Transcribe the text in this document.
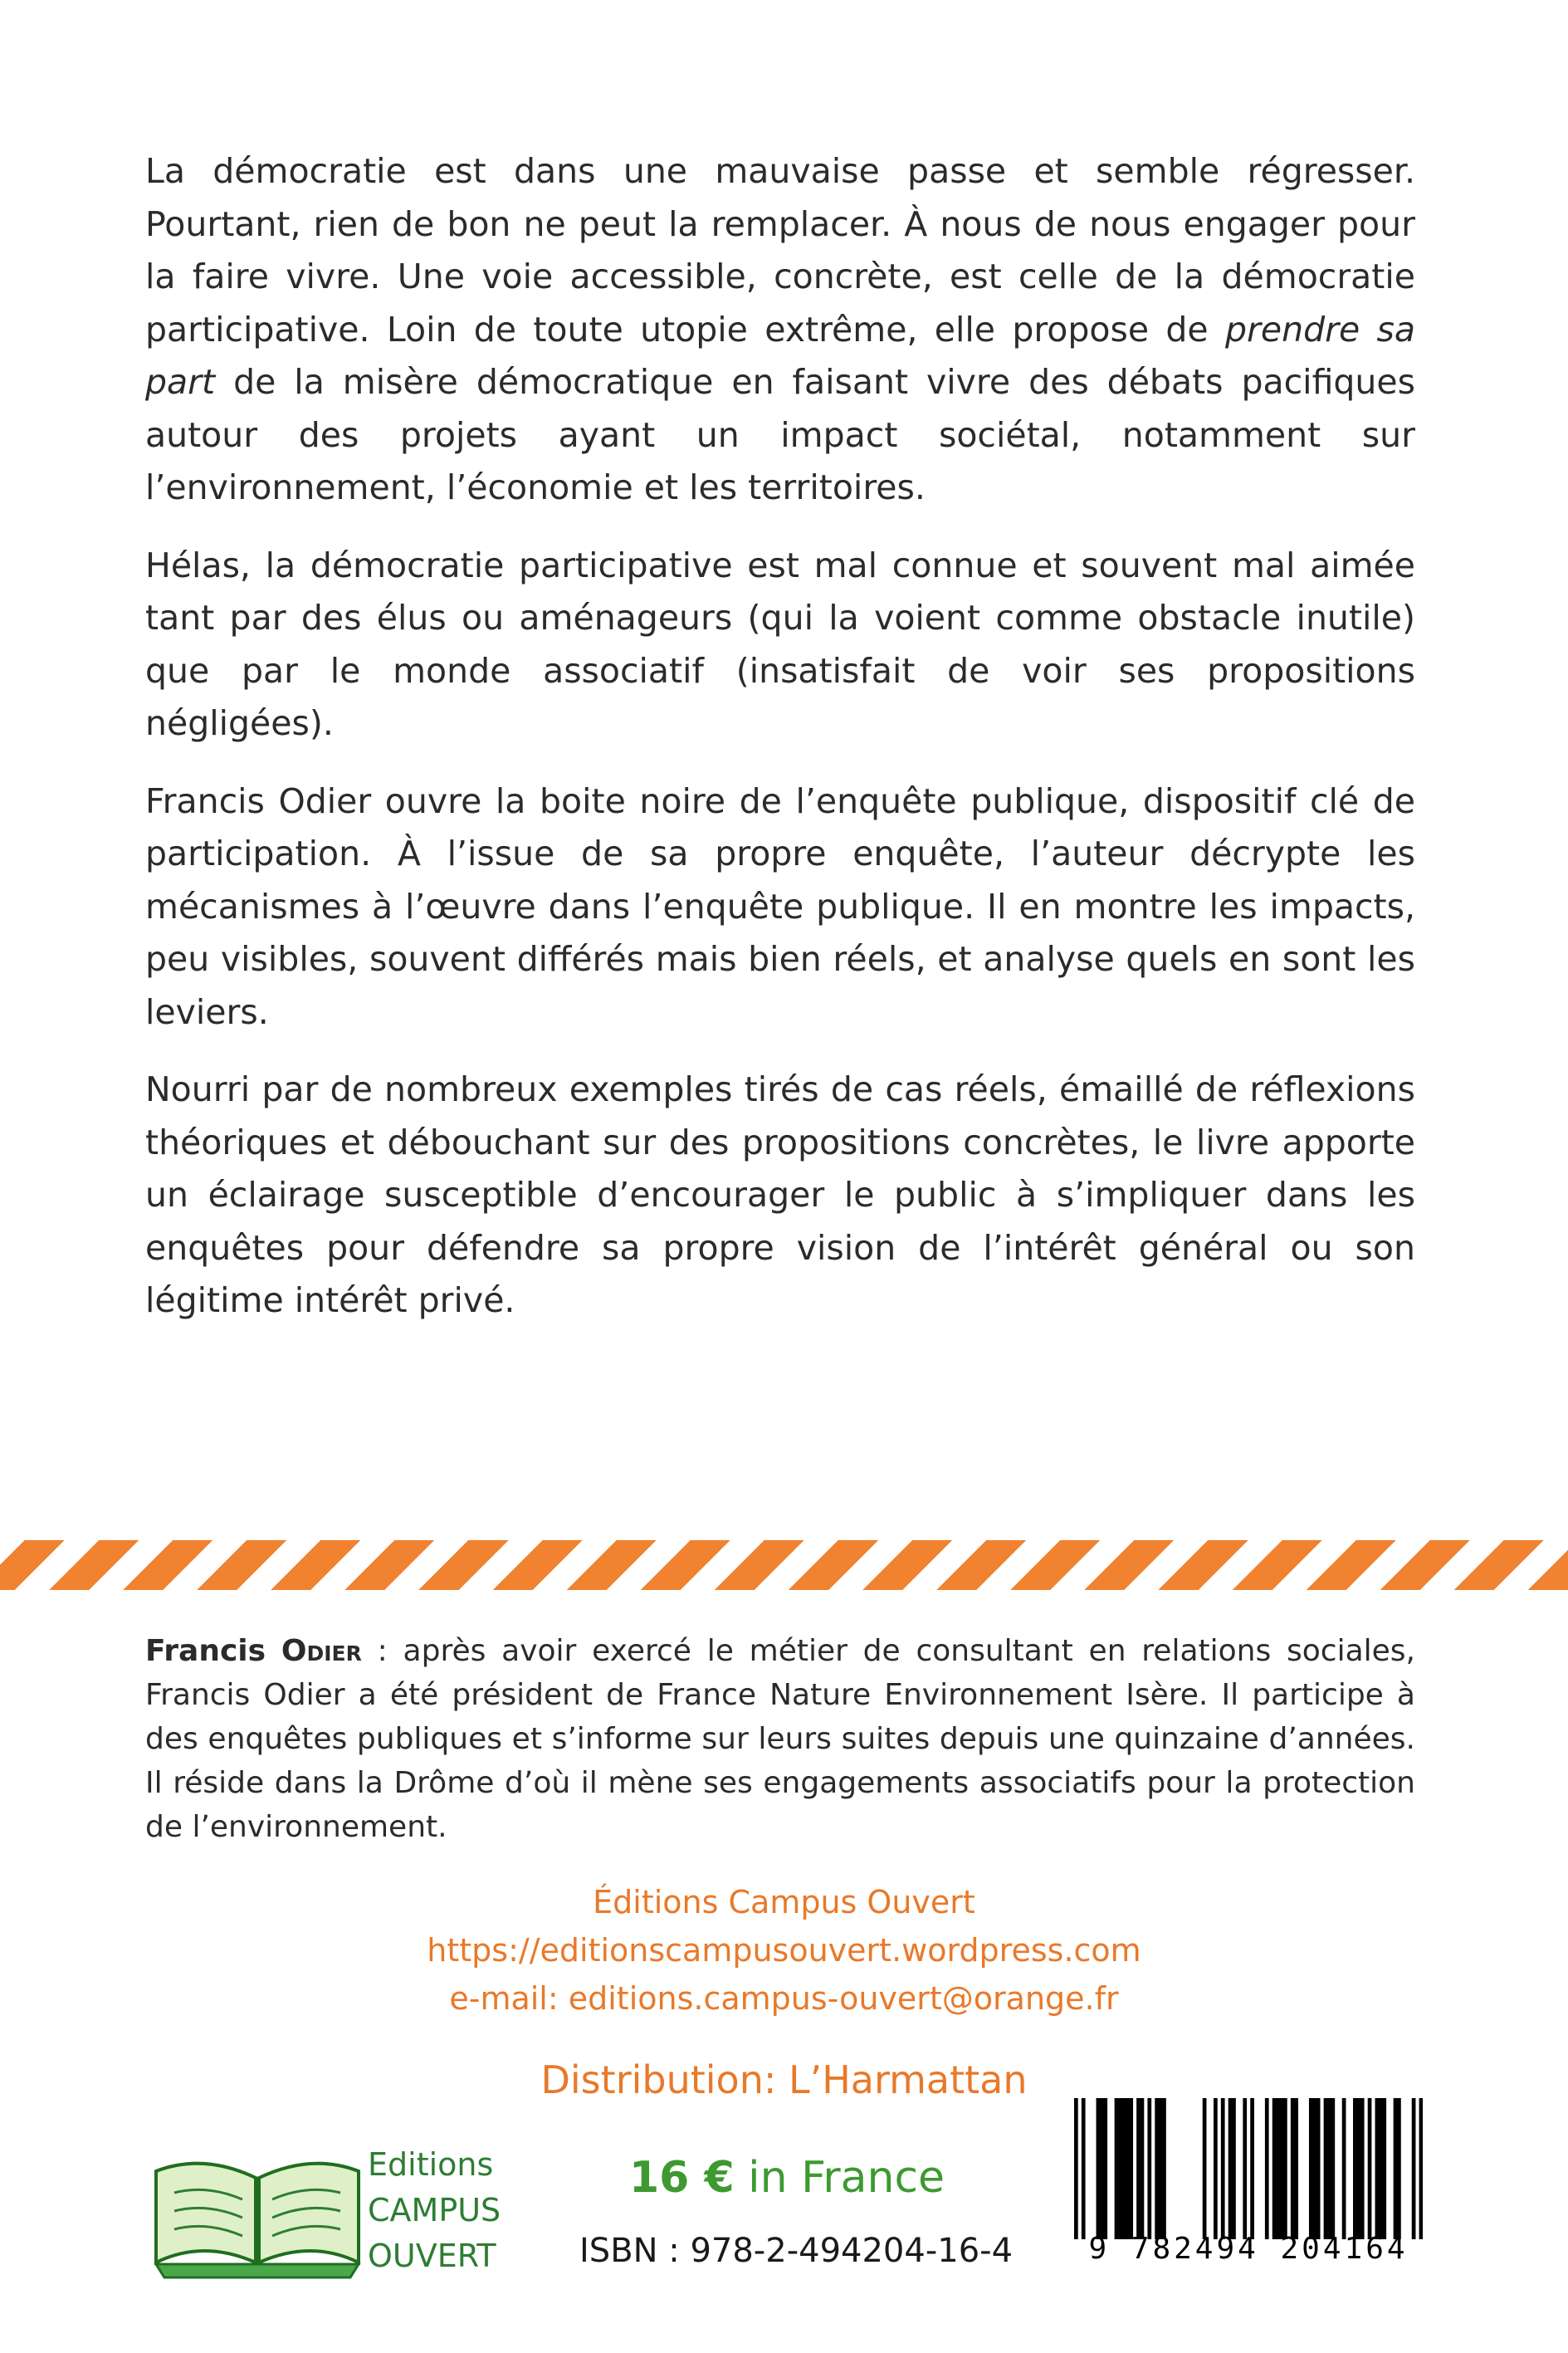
La démocratie est dans une mauvaise passe et semble régresser. Pourtant, rien de bon ne peut la remplacer. À nous de nous engager pour la faire vivre. Une voie accessible, concrète, est celle de la démocratie participative. Loin de toute utopie extrême, elle propose de prendre sa part de la misère démocratique en faisant vivre des débats pacifiques autour des projets ayant un impact sociétal, notamment sur l’environnement, l’économie et les territoires.

Hélas, la démocratie participative est mal connue et souvent mal aimée tant par des élus ou aménageurs (qui la voient comme obstacle inutile) que par le monde associatif (insatisfait de voir ses propositions négligées).

Francis Odier ouvre la boite noire de l’enquête publique, dispositif clé de participation. À l’issue de sa propre enquête, l’auteur décrypte les mécanismes à l’œuvre dans l’enquête publique. Il en montre les impacts, peu visibles, souvent différés mais bien réels, et analyse quels en sont les leviers.

Nourri par de nombreux exemples tirés de cas réels, émaillé de réflexions théoriques et débouchant sur des propositions concrètes, le livre apporte un éclairage susceptible d’encourager le public à s’impliquer dans les enquêtes pour défendre sa propre vision de l’intérêt général ou son légitime intérêt privé.

Francis Odier : après avoir exercé le métier de consultant en relations sociales, Francis Odier a été président de France Nature Environnement Isère. Il participe à des enquêtes publiques et s’informe sur leurs suites depuis une quinzaine d’années. Il réside dans la Drôme d’où il mène ses engagements associatifs pour la protection de l’environnement.

Éditions Campus Ouvert
https://editionscampusouvert.wordpress.com
e-mail: editions.campus-ouvert@orange.fr
Distribution: L’Harmattan
Editions
CAMPUS
OUVERT
16 € in France
ISBN : 978-2-494204-16-4	9 782494 204164
